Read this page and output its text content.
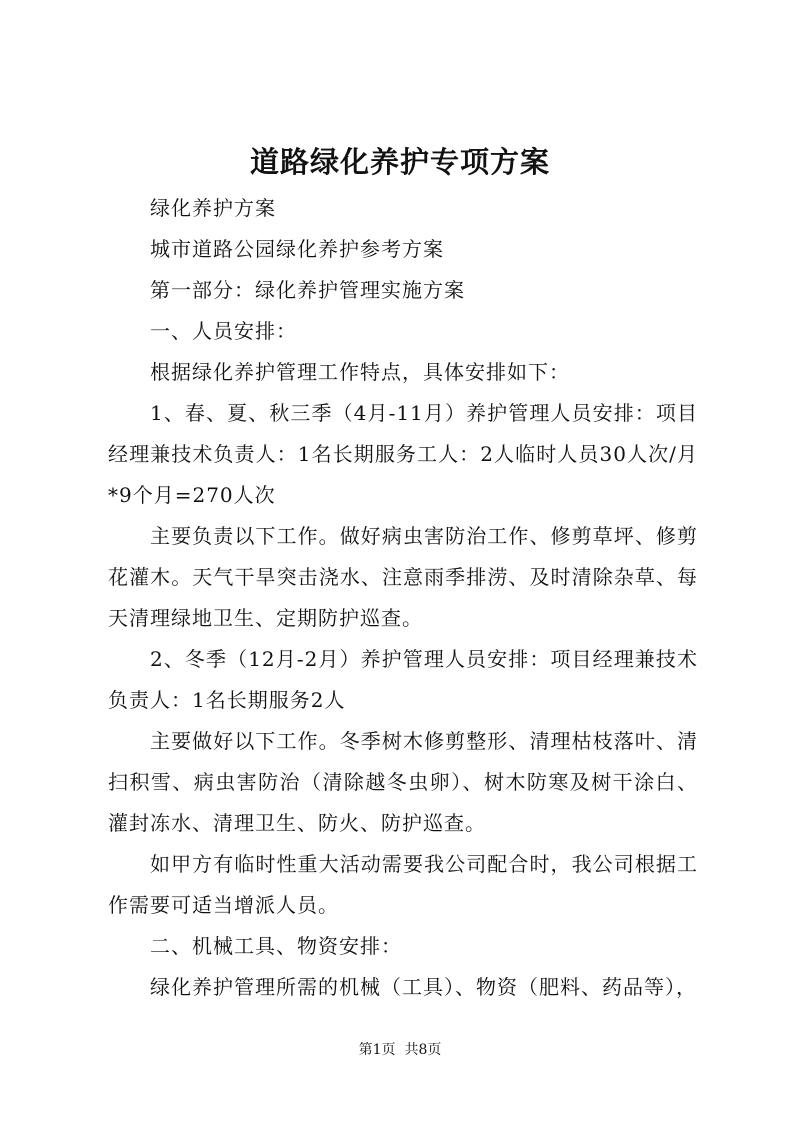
道路绿化养护专项方案

绿化养护方案

城市道路公园绿化养护参考方案

第一部分：绿化养护管理实施方案

一、人员安排：

根据绿化养护管理工作特点，具体安排如下：

1、春、夏、秋三季（4月-11月）养护管理人员安排：项目经理兼技术负责人：1名长期服务工人：2人临时人员30人次/月*9个月=270人次

主要负责以下工作。做好病虫害防治工作、修剪草坪、修剪花灌木。天气干旱突击浇水、注意雨季排涝、及时清除杂草、每天清理绿地卫生、定期防护巡查。

2、冬季（12月-2月）养护管理人员安排：项目经理兼技术负责人：1名长期服务2人

主要做好以下工作。冬季树木修剪整形、清理枯枝落叶、清扫积雪、病虫害防治（清除越冬虫卵）、树木防寒及树干涂白、灌封冻水、清理卫生、防火、防护巡查。

如甲方有临时性重大活动需要我公司配合时，我公司根据工作需要可适当增派人员。

二、机械工具、物资安排：

绿化养护管理所需的机械（工具）、物资（肥料、药品等），

第1页 共8页
